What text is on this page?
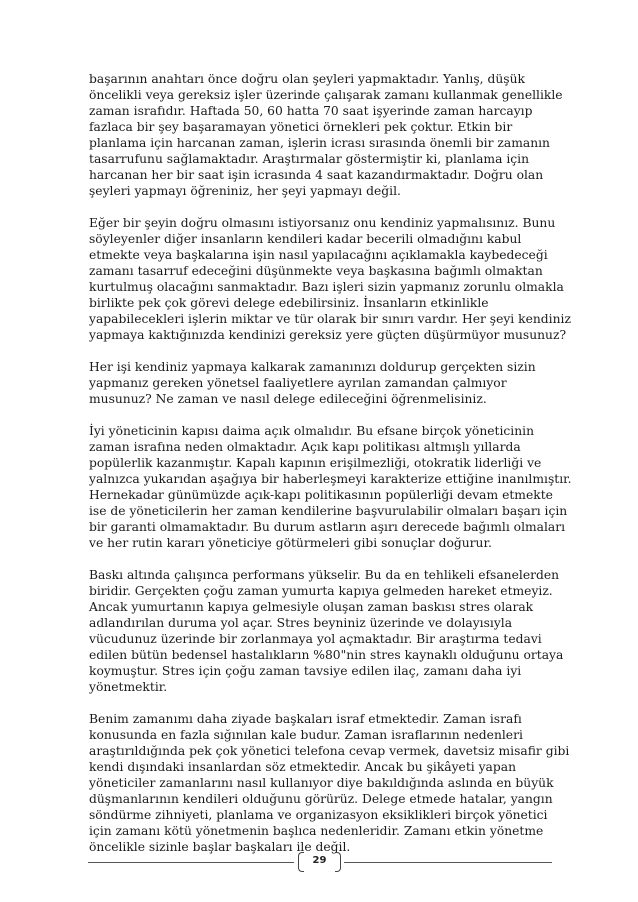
başarının anahtarı önce doğru olan şeyleri yapmaktadır. Yanlış, düşük
öncelikli veya gereksiz işler üzerinde çalışarak zamanı kullanmak genellikle
zaman israfıdır. Haftada 50, 60 hatta 70 saat işyerinde zaman harcayıp
fazlaca bir şey başaramayan yönetici örnekleri pek çoktur. Etkin bir
planlama için harcanan zaman, işlerin icrası sırasında önemli bir zamanın
tasarrufunu sağlamaktadır. Araştırmalar göstermiştir ki, planlama için
harcanan her bir saat işin icrasında 4 saat kazandırmaktadır. Doğru olan
şeyleri yapmayı öğreniniz, her şeyi yapmayı değil.

Eğer bir şeyin doğru olmasını istiyorsanız onu kendiniz yapmalısınız. Bunu
söyleyenler diğer insanların kendileri kadar becerili olmadığını kabul
etmekte veya başkalarına işin nasıl yapılacağını açıklamakla kaybedeceği
zamanı tasarruf edeceğini düşünmekte veya başkasına bağımlı olmaktan
kurtulmuş olacağını sanmaktadır. Bazı işleri sizin yapmanız zorunlu olmakla
birlikte pek çok görevi delege edebilirsiniz. İnsanların etkinlikle
yapabilecekleri işlerin miktar ve tür olarak bir sınırı vardır. Her şeyi kendiniz
yapmaya kaktığınızda kendinizi gereksiz yere güçten düşürmüyor musunuz?

Her işi kendiniz yapmaya kalkarak zamanınızı doldurup gerçekten sizin
yapmanız gereken yönetsel faaliyetlere ayrılan zamandan çalmıyor
musunuz? Ne zaman ve nasıl delege edileceğini öğrenmelisiniz.

İyi yöneticinin kapısı daima açık olmalıdır. Bu efsane birçok yöneticinin
zaman israfına neden olmaktadır. Açık kapı politikası altmışlı yıllarda
popülerlik kazanmıştır. Kapalı kapının erişilmezliği, otokratik liderliği ve
yalnızca yukarıdan aşağıya bir haberleşmeyi karakterize ettiğine inanılmıştır.
Hernekadar günümüzde açık-kapı politikasının popülerliği devam etmekte
ise de yöneticilerin her zaman kendilerine başvurulabilir olmaları başarı için
bir garanti olmamaktadır. Bu durum astların aşırı derecede bağımlı olmaları
ve her rutin kararı yöneticiye götürmeleri gibi sonuçlar doğurur.

Baskı altında çalışınca performans yükselir. Bu da en tehlikeli efsanelerden
biridir. Gerçekten çoğu zaman yumurta kapıya gelmeden hareket etmeyiz.
Ancak yumurtanın kapıya gelmesiyle oluşan zaman baskısı stres olarak
adlandırılan duruma yol açar. Stres beyniniz üzerinde ve dolayısıyla
vücudunuz üzerinde bir zorlanmaya yol açmaktadır. Bir araştırma tedavi
edilen bütün bedensel hastalıkların %80"nin stres kaynaklı olduğunu ortaya
koymuştur. Stres için çoğu zaman tavsiye edilen ilaç, zamanı daha iyi
yönetmektir.

Benim zamanımı daha ziyade başkaları israf etmektedir. Zaman israfı
konusunda en fazla sığınılan kale budur. Zaman israflarının nedenleri
araştırıldığında pek çok yönetici telefona cevap vermek, davetsiz misafir gibi
kendi dışındaki insanlardan söz etmektedir. Ancak bu şikâyeti yapan
yöneticiler zamanlarını nasıl kullanıyor diye bakıldığında aslında en büyük
düşmanlarının kendileri olduğunu görürüz. Delege etmede hatalar, yangın
söndürme zihniyeti, planlama ve organizasyon eksiklikleri birçok yönetici
için zamanı kötü yönetmenin başlıca nedenleridir. Zamanı etkin yönetme
öncelikle sizinle başlar başkaları ile değil.

29
